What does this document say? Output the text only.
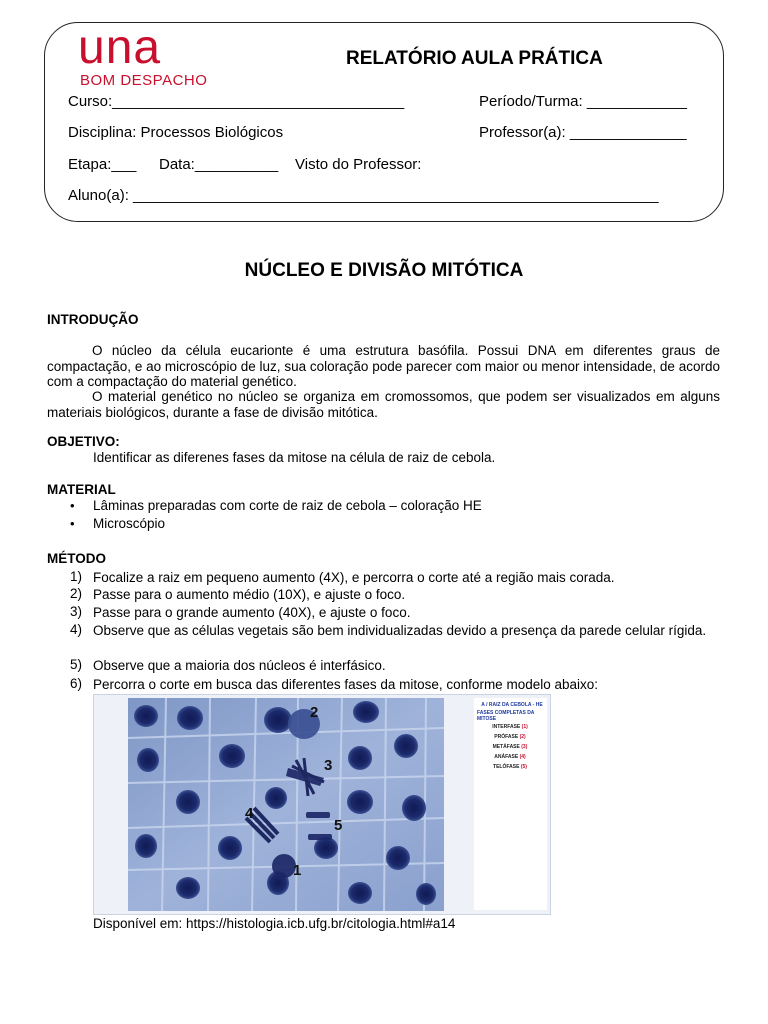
una
BOM DESPACHO
RELATÓRIO AULA PRÁTICA
Curso:___________________________________	Período/Turma: ____________
Disciplina: Processos Biológicos	Professor(a): ______________
Etapa:___ Data:__________ Visto do Professor:
Aluno(a): _______________________________________________________________
NÚCLEO E DIVISÃO MITÓTICA
INTRODUÇÃO

O núcleo da célula eucarionte é uma estrutura basófila. Possui DNA em diferentes graus de compactação, e ao microscópio de luz, sua coloração pode parecer com maior ou menor intensidade, de acordo com a compactação do material genético.

O material genético no núcleo se organiza em cromossomos, que podem ser visualizados em alguns materiais biológicos, durante a fase de divisão mitótica.

OBJETIVO:
Identificar as diferenes fases da mitose na célula de raiz de cebola.
MATERIAL
• Lâminas preparadas com corte de raiz de cebola – coloração HE
• Microscópio
MÉTODO
1) Focalize a raiz em pequeno aumento (4X), e percorra o corte até a região mais corada.
2) Passe para o aumento médio (10X), e ajuste o foco.
3) Passe para o grande aumento (40X), e ajuste o foco.
4) Observe que as células vegetais são bem individualizadas devido a presença da parede celular rígida.
5) Observe que a maioria dos núcleos é interfásico.
6) Percorra o corte em busca das diferentes fases da mitose, conforme modelo abaixo:
2
3
4
5
1
A / RAIZ DA CEBOLA - HE
FASES COMPLETAS DA MITOSE
INTERFASE (1)
PRÓFASE (2)
METÁFASE (3)
ANÁFASE (4)
TELÓFASE (5)
Disponível em: https://histologia.icb.ufg.br/citologia.html#a14
